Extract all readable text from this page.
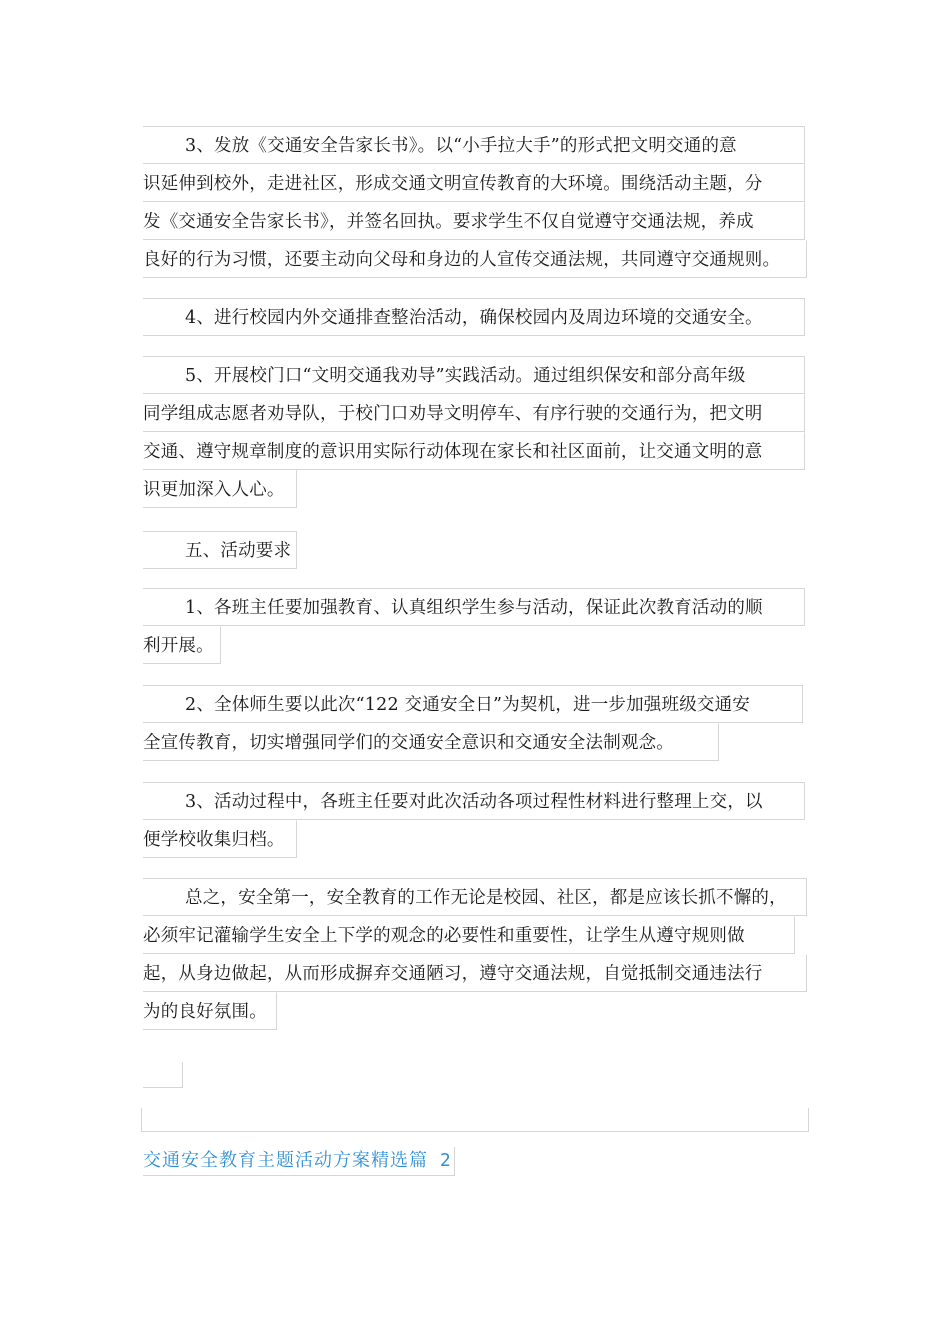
3、发放《交通安全告家长书》。以“小手拉大手”的形式把文明交通的意
识延伸到校外，走进社区，形成交通文明宣传教育的大环境。围绕活动主题，分
发《交通安全告家长书》，并签名回执。要求学生不仅自觉遵守交通法规，养成
良好的行为习惯，还要主动向父母和身边的人宣传交通法规，共同遵守交通规则。
4、进行校园内外交通排查整治活动，确保校园内及周边环境的交通安全。
5、开展校门口“文明交通我劝导”实践活动。通过组织保安和部分高年级
同学组成志愿者劝导队，于校门口劝导文明停车、有序行驶的交通行为，把文明
交通、遵守规章制度的意识用实际行动体现在家长和社区面前，让交通文明的意
识更加深入人心。
五、活动要求
1、各班主任要加强教育、认真组织学生参与活动，保证此次教育活动的顺
利开展。
2、全体师生要以此次“122 交通安全日”为契机，进一步加强班级交通安
全宣传教育，切实增强同学们的交通安全意识和交通安全法制观念。
3、活动过程中，各班主任要对此次活动各项过程性材料进行整理上交，以
便学校收集归档。
总之，安全第一，安全教育的工作无论是校园、社区，都是应该长抓不懈的，
必须牢记灌输学生安全上下学的观念的必要性和重要性，让学生从遵守规则做
起，从身边做起，从而形成摒弃交通陋习，遵守交通法规，自觉抵制交通违法行
为的良好氛围。
交通安全教育主题活动方案精选篇 2
